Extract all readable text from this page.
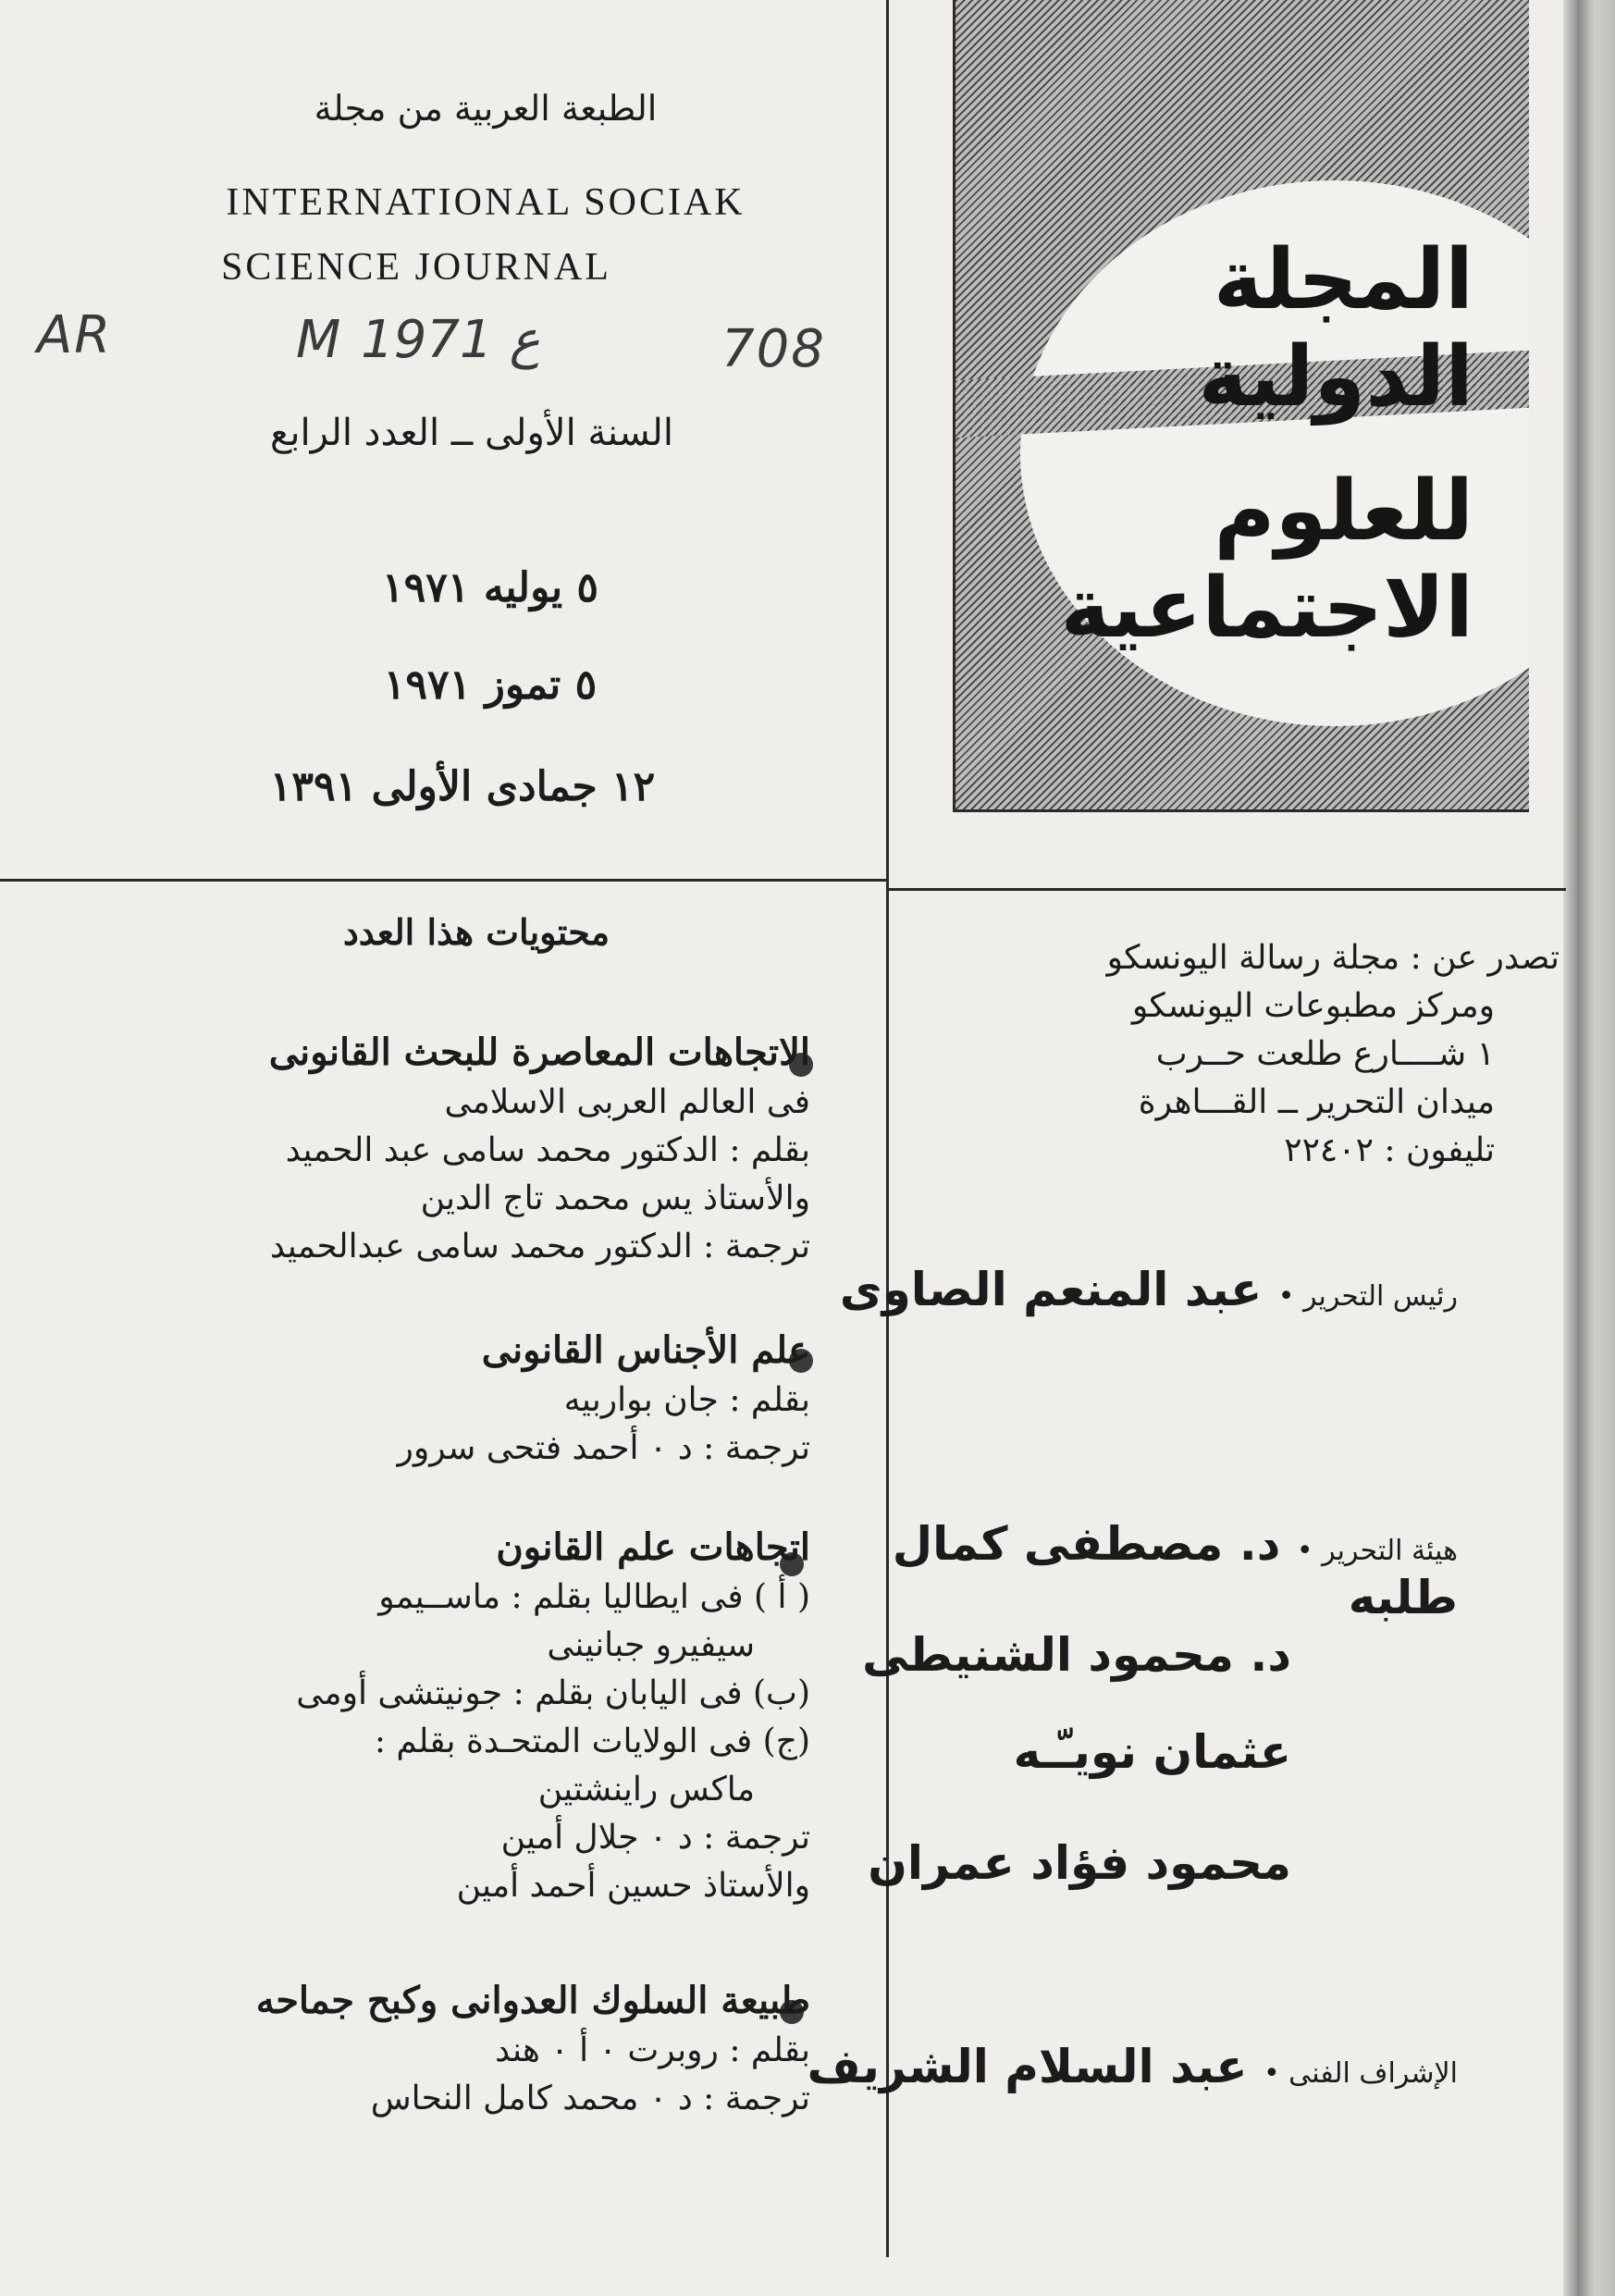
الطبعة العربية من مجلة
INTERNATIONAL SOCIAK
SCIENCE JOURNAL
AR	M ع 1971	708
السنة الأولى ــ العدد الرابع
٥ يوليه ١٩٧١
٥ تموز ١٩٧١
١٢ جمادى الأولى ١٣٩١
المجلة الدولية
للعلوم الاجتماعية
تصدر عن : مجلة رسالة اليونسكو
ومركز مطبوعات اليونسكو
١ شــــارع طلعت حــرب
ميدان التحرير ــ القـــاهرة
تليفون : ٢٢٤٠٢
رئيس التحرير • عبد المنعم الصاوى
هيئة التحرير • د. مصطفى كمال طلبه
د. محمود الشنيطى
عثمان نويـّـه
محمود فؤاد عمران
الإشراف الفنى • عبد السلام الشريف
محتويات هذا العدد
الاتجاهات المعاصرة للبحث القانونى
فى العالم العربى الاسلامى
بقلم : الدكتور محمد سامى عبد الحميد
والأستاذ يس محمد تاج الدين
ترجمة : الدكتور محمد سامى عبدالحميد
علم الأجناس القانونى
بقلم : جان بواربيه
ترجمة : د ٠ أحمد فتحى سرور
اتجاهات علم القانون
( أ ) فى ايطاليا بقلم : ماســيمو
سيفيرو جبانينى
(ب) فى اليابان بقلم : جونيتشى أومى
(ج) فى الولايات المتحـدة بقلم :
ماكس راينشتين
ترجمة : د ٠ جلال أمين
والأستاذ حسين أحمد أمين
طبيعة السلوك العدوانى وكبح جماحه
بقلم : روبرت ٠ أ ٠ هند
ترجمة : د ٠ محمد كامل النحاس
